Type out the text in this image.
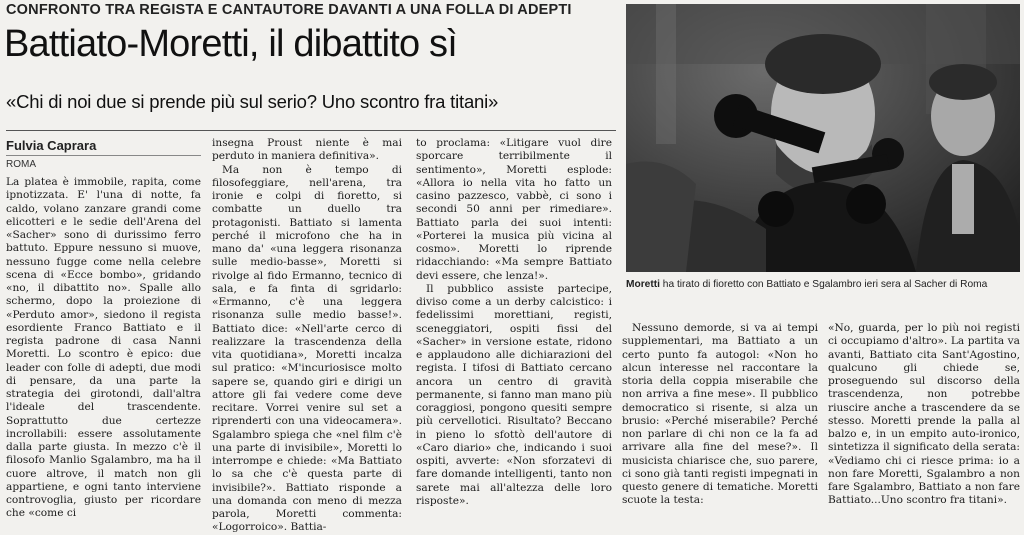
CONFRONTO TRA REGISTA E CANTAUTORE DAVANTI A UNA FOLLA DI ADEPTI
Battiato-Moretti, il dibattito sì
«Chi di noi due si prende più sul serio? Uno scontro fra titani»
Fulvia Caprara
ROMA

La platea è immobile, rapita, come ipnotizzata. E' l'una di notte, fa caldo, volano zanzare grandi come elicotteri e le sedie dell'Arena del «Sacher» sono di durissimo ferro battuto. Eppure nessuno si muove, nessuno fugge come nella celebre scena di «Ecce bombo», gridando «no, il dibattito no». Spalle allo schermo, dopo la proiezione di «Perduto amor», siedono il regista esordiente Franco Battiato e il regista padrone di casa Nanni Moretti. Lo scontro è epico: due leader con folle di adepti, due modi di pensare, da una parte la strategia dei girotondi, dall'altra l'ideale del trascendente. Soprattutto due certezze incrollabili: essere assolutamente dalla parte giusta. In mezzo c'è il filosofo Manlio Sgalambro, ma ha il cuore altrove, il match non gli appartiene, e ogni tanto interviene controvoglia, giusto per ricordare che «come ci

insegna Proust niente è mai perduto in maniera definitiva».

Ma non è tempo di filosofeggiare, nell'arena, tra ironie e colpi di fioretto, si combatte un duello tra protagonisti. Battiato si lamenta perché il microfono che ha in mano da' «una leggera risonanza sulle medio-basse», Moretti si rivolge al fido Ermanno, tecnico di sala, e fa finta di sgridarlo: «Ermanno, c'è una leggera risonanza sulle medio basse!». Battiato dice: «Nell'arte cerco di realizzare la trascendenza della vita quotidiana», Moretti incalza sul pratico: «M'incuriosisce molto sapere se, quando giri e dirigi un attore gli fai vedere come deve recitare. Vorrei venire sul set a riprenderti con una videocamera». Sgalambro spiega che «nel film c'è una parte di invisibile», Moretti lo interrompe e chiede: «Ma Battiato lo sa che c'è questa parte di invisibile?». Battiato risponde a una domanda con meno di mezza parola, Moretti commenta: «Logorroico». Battia-

to proclama: «Litigare vuol dire sporcare terribilmente il sentimento», Moretti esplode: «Allora io nella vita ho fatto un casino pazzesco, vabbè, ci sono i secondi 50 anni per rimediare». Battiato parla dei suoi intenti: «Porterei la musica più vicina al cosmo». Moretti lo riprende ridacchiando: «Ma sempre Battiato devi essere, che lenza!».

Il pubblico assiste partecipe, diviso come a un derby calcistico: i fedelissimi morettiani, registi, sceneggiatori, ospiti fissi del «Sacher» in versione estate, ridono e applaudono alle dichiarazioni del regista. I tifosi di Battiato cercano ancora un centro di gravità permanente, si fanno man mano più coraggiosi, pongono quesiti sempre più cervellotici. Risultato? Beccano in pieno lo sfottò dell'autore di «Caro diario» che, indicando i suoi ospiti, avverte: «Non sforzatevi di fare domande intelligenti, tanto non sarete mai all'altezza delle loro risposte».

Moretti ha tirato di fioretto con Battiato e Sgalambro ieri sera al Sacher di Roma

Nessuno demorde, si va ai tempi supplementari, ma Battiato a un certo punto fa autogol: «Non ho alcun interesse nel raccontare la storia della coppia miserabile che non arriva a fine mese». Il pubblico democratico si risente, si alza un brusio: «Perché miserabile? Perché non parlare di chi non ce la fa ad arrivare alla fine del mese?». Il musicista chiarisce che, suo parere, ci sono già tanti registi impegnati in questo genere di tematiche. Moretti scuote la testa:

«No, guarda, per lo più noi registi ci occupiamo d'altro». La partita va avanti, Battiato cita Sant'Agostino, qualcuno gli chiede se, proseguendo sul discorso della trascendenza, non potrebbe riuscire anche a trascendere da se stesso. Moretti prende la palla al balzo e, in un empito auto-ironico, sintetizza il significato della serata: «Vediamo chi ci riesce prima: io a non fare Moretti, Sgalambro a non fare Sgalambro, Battiato a non fare Battiato...Uno scontro fra titani».
